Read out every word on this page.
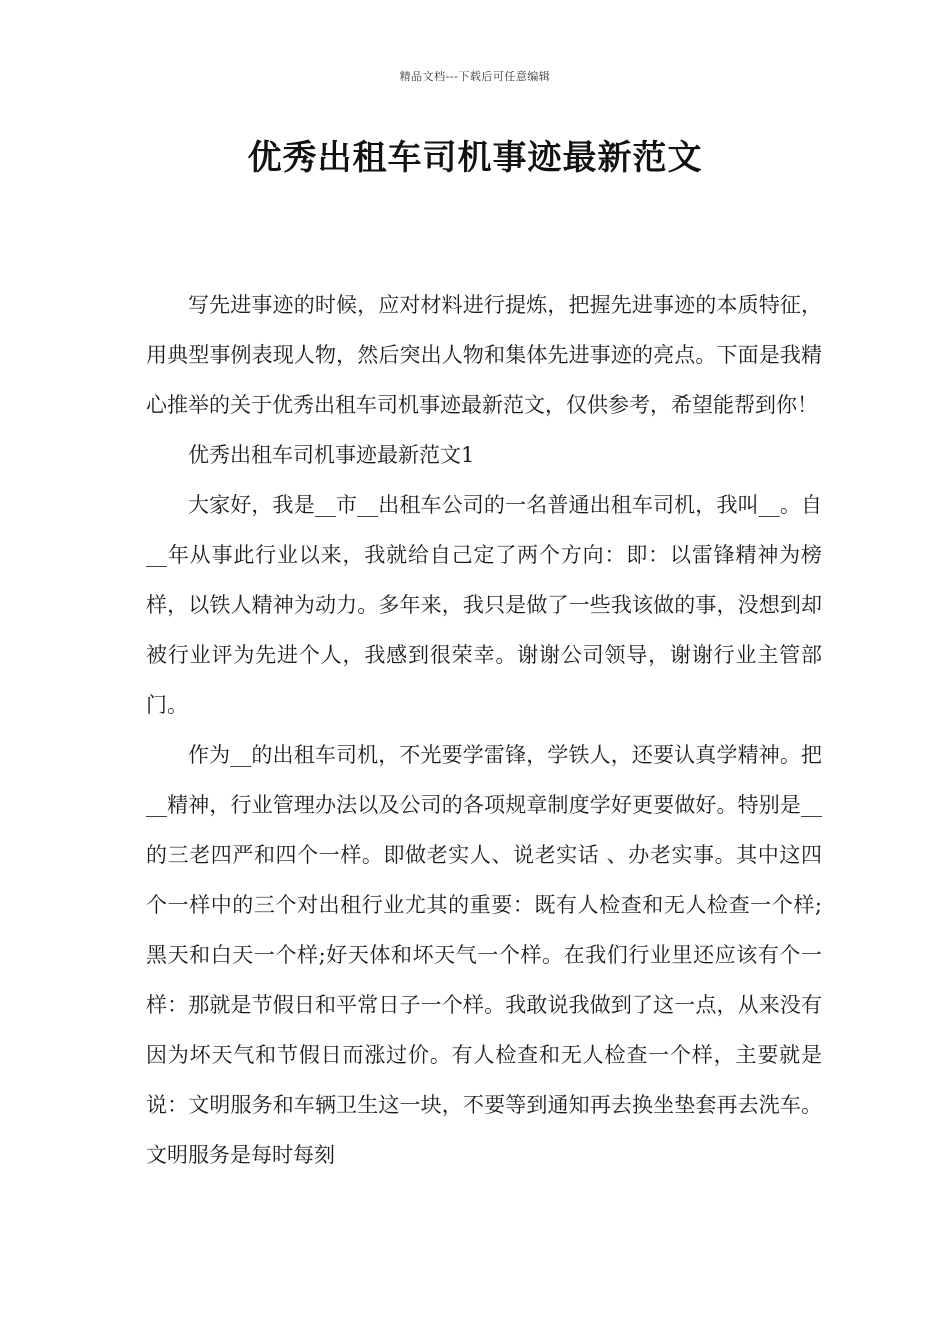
精品文档---下载后可任意编辑
优秀出租车司机事迹最新范文

写先进事迹的时候，应对材料进行提炼，把握先进事迹的本质特征，用典型事例表现人物，然后突出人物和集体先进事迹的亮点。下面是我精心推举的关于优秀出租车司机事迹最新范文，仅供参考，希望能帮到你！

优秀出租车司机事迹最新范文1

大家好，我是__市__出租车公司的一名普通出租车司机，我叫__。自__年从事此行业以来，我就给自己定了两个方向：即：以雷锋精神为榜样，以铁人精神为动力。多年来，我只是做了一些我该做的事，没想到却被行业评为先进个人，我感到很荣幸。谢谢公司领导，谢谢行业主管部门。

作为__的出租车司机，不光要学雷锋，学铁人，还要认真学精神。把__精神，行业管理办法以及公司的各项规章制度学好更要做好。特别是__的三老四严和四个一样。即做老实人、说老实话 、办老实事。其中这四个一样中的三个对出租行业尤其的重要：既有人检查和无人检查一个样;黑天和白天一个样;好天体和坏天气一个样。在我们行业里还应该有个一样：那就是节假日和平常日子一个样。我敢说我做到了这一点，从来没有因为坏天气和节假日而涨过价。有人检查和无人检查一个样，主要就是说：文明服务和车辆卫生这一块，不要等到通知再去换坐垫套再去洗车。文明服务是每时每刻
